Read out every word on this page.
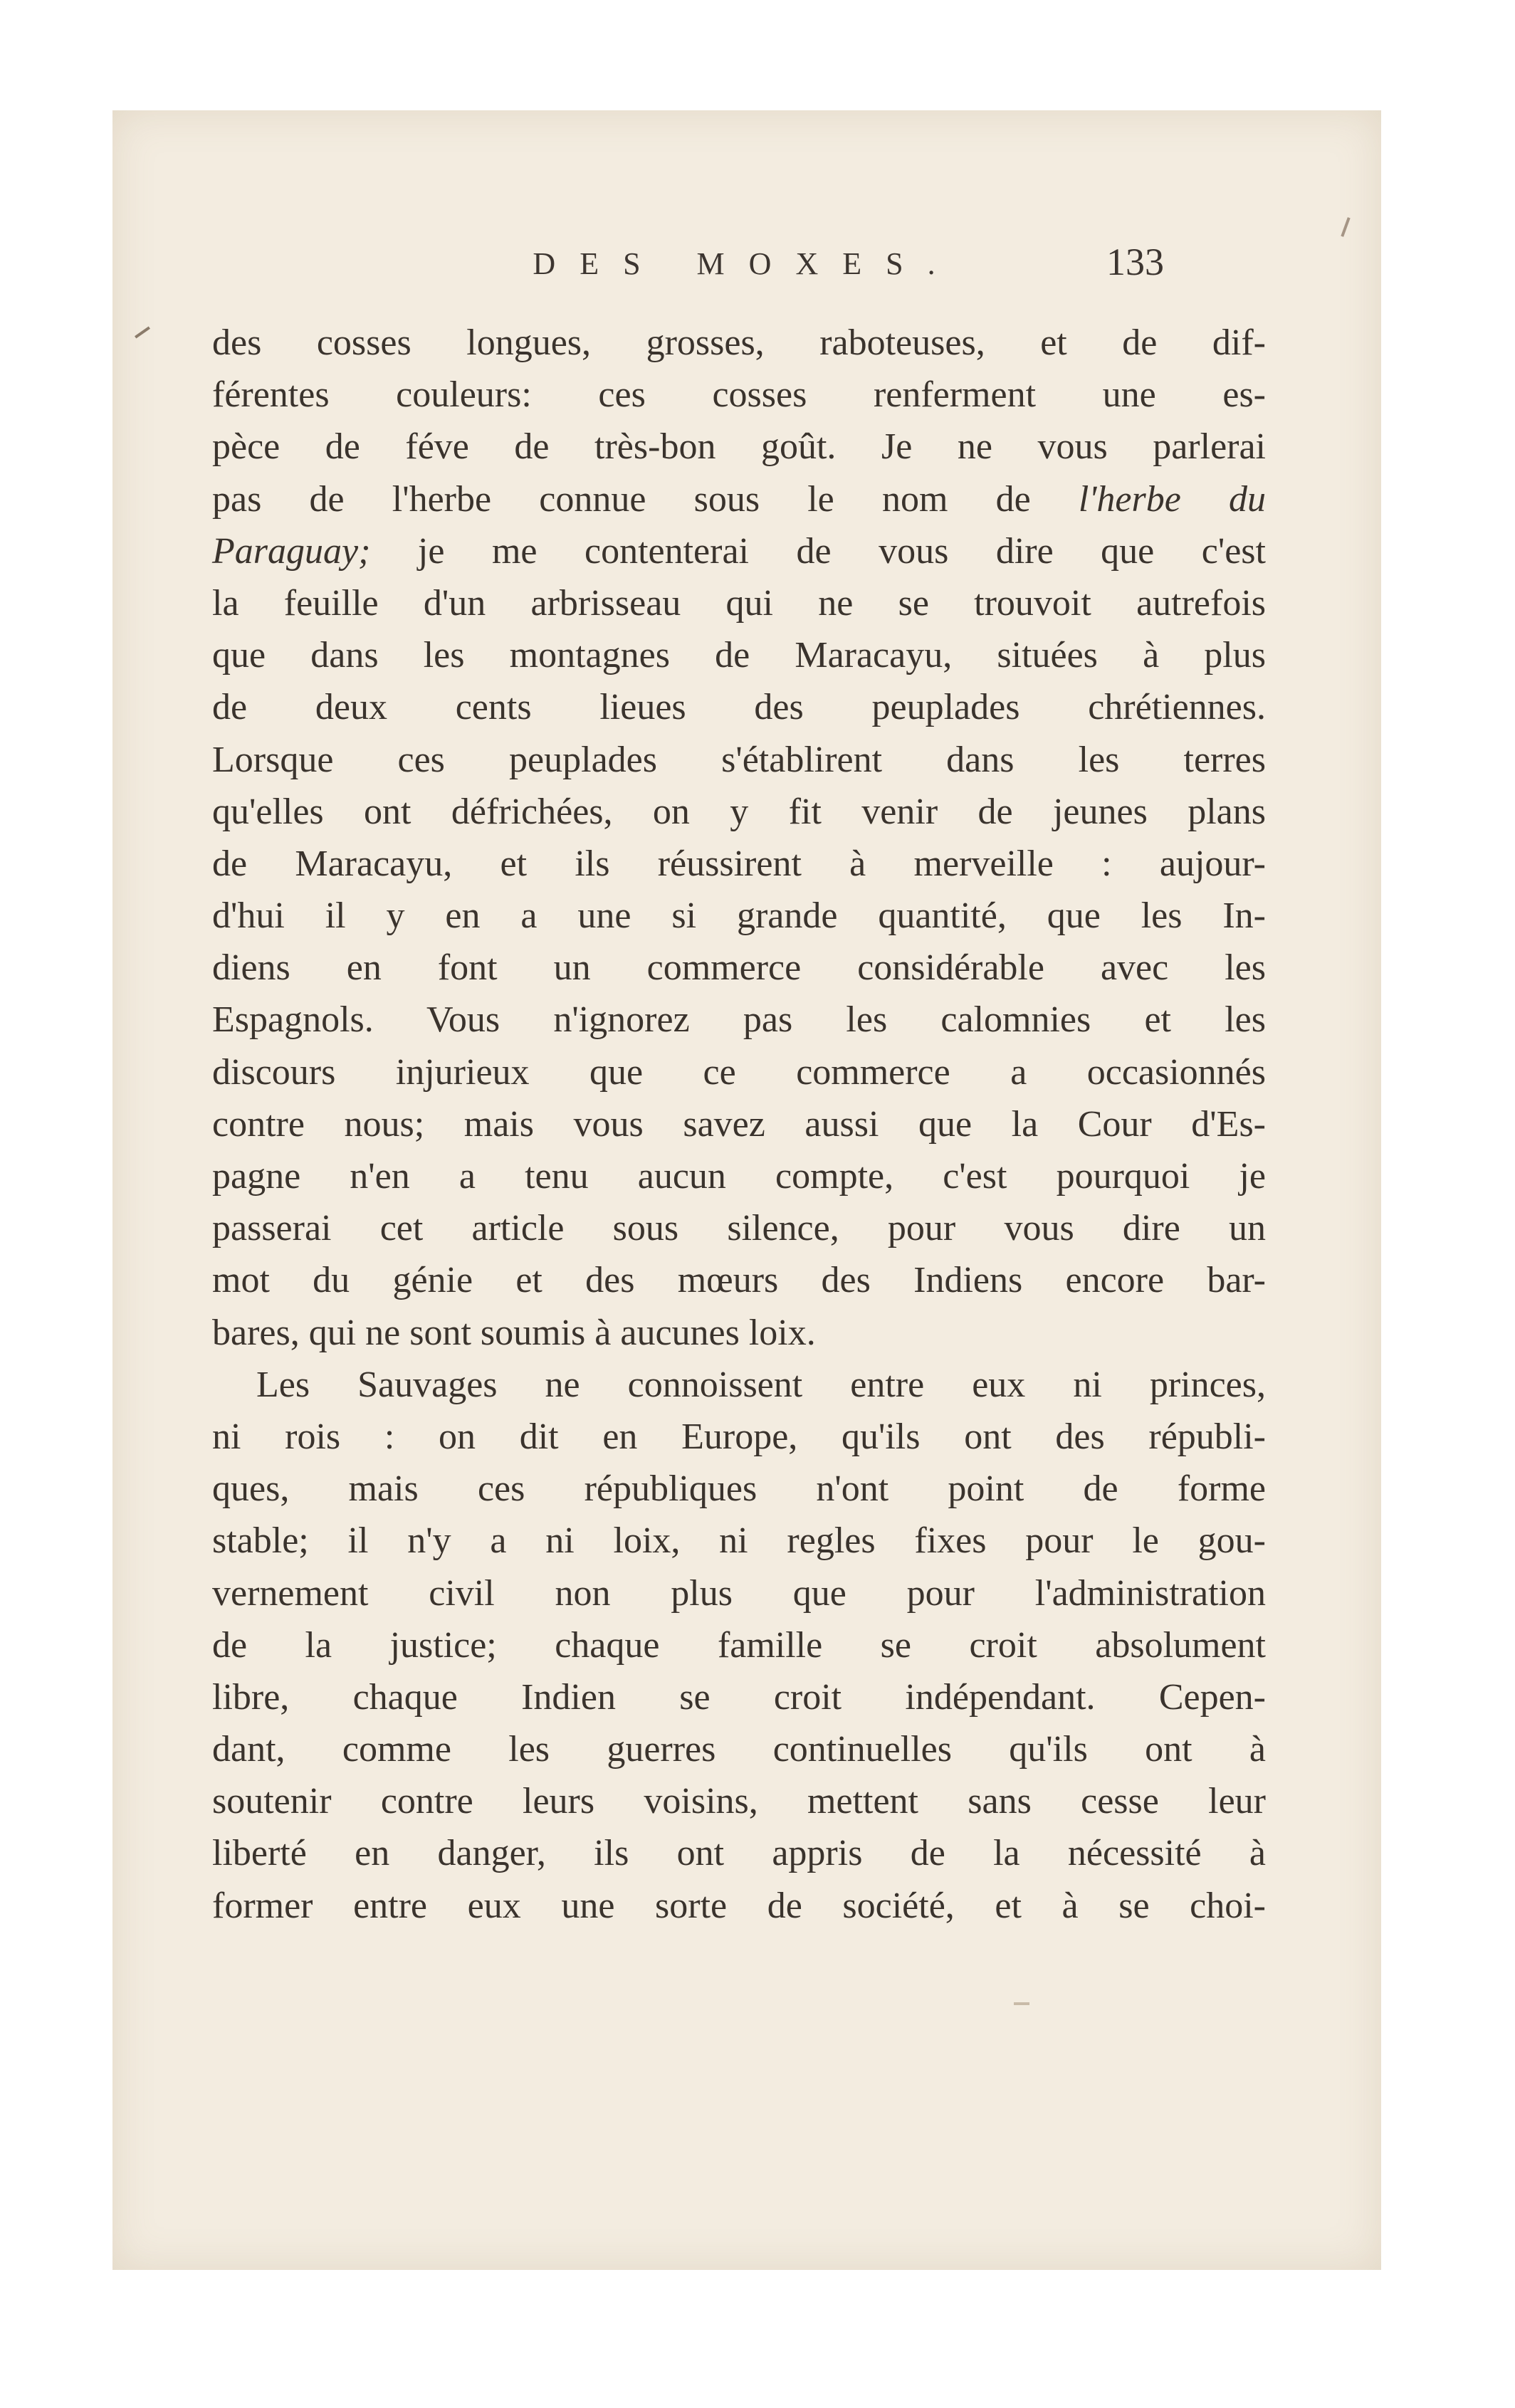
DES MOXES.	133
des cosses longues, grosses, raboteuses, et de dif-
férentes couleurs: ces cosses renferment une es-
pèce de féve de très-bon goût. Je ne vous parlerai
pas de l'herbe connue sous le nom de l'herbe du
Paraguay; je me contenterai de vous dire que c'est
la feuille d'un arbrisseau qui ne se trouvoit autrefois
que dans les montagnes de Maracayu, situées à plus
de deux cents lieues des peuplades chrétiennes.
Lorsque ces peuplades s'établirent dans les terres
qu'elles ont défrichées, on y fit venir de jeunes plans
de Maracayu, et ils réussirent à merveille : aujour-
d'hui il y en a une si grande quantité, que les In-
diens en font un commerce considérable avec les
Espagnols. Vous n'ignorez pas les calomnies et les
discours injurieux que ce commerce a occasionnés
contre nous; mais vous savez aussi que la Cour d'Es-
pagne n'en a tenu aucun compte, c'est pourquoi je
passerai cet article sous silence, pour vous dire un
mot du génie et des mœurs des Indiens encore bar-
bares, qui ne sont soumis à aucunes loix.
Les Sauvages ne connoissent entre eux ni princes,
ni rois : on dit en Europe, qu'ils ont des républi-
ques, mais ces républiques n'ont point de forme
stable; il n'y a ni loix, ni regles fixes pour le gou-
vernement civil non plus que pour l'administration
de la justice; chaque famille se croit absolument
libre, chaque Indien se croit indépendant. Cepen-
dant, comme les guerres continuelles qu'ils ont à
soutenir contre leurs voisins, mettent sans cesse leur
liberté en danger, ils ont appris de la nécessité à
former entre eux une sorte de société, et à se choi-
